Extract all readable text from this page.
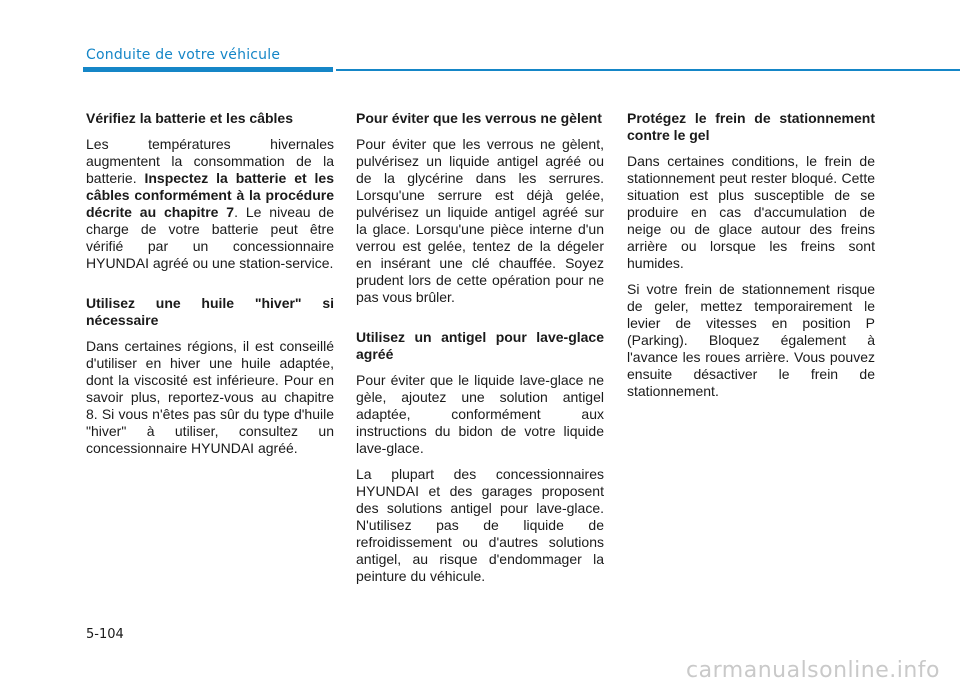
Conduite de votre véhicule
Vérifiez la batterie et les câbles
Les températures hivernales augmentent la consommation de la batterie. Inspectez la batterie et les câbles conformément à la procédure décrite au chapitre 7. Le niveau de charge de votre batterie peut être vérifié par un concessionnaire HYUNDAI agréé ou une station-service.
Utilisez une huile "hiver" si nécessaire
Dans certaines régions, il est conseillé d'utiliser en hiver une huile adaptée, dont la viscosité est inférieure. Pour en savoir plus, reportez-vous au chapitre 8. Si vous n'êtes pas sûr du type d'huile "hiver" à utiliser, consultez un concessionnaire HYUNDAI agréé.
Pour éviter que les verrous ne gèlent
Pour éviter que les verrous ne gèlent, pulvérisez un liquide antigel agréé ou de la glycérine dans les serrures. Lorsqu'une serrure est déjà gelée, pulvérisez un liquide antigel agréé sur la glace. Lorsqu'une pièce interne d'un verrou est gelée, tentez de la dégeler en insérant une clé chauffée. Soyez prudent lors de cette opération pour ne pas vous brûler.
Utilisez un antigel pour lave-glace agréé
Pour éviter que le liquide lave-glace ne gèle, ajoutez une solution antigel adaptée, conformément aux instructions du bidon de votre liquide lave-glace.
La plupart des concessionnaires HYUNDAI et des garages proposent des solutions antigel pour lave-glace. N'utilisez pas de liquide de refroidissement ou d'autres solutions antigel, au risque d'endommager la peinture du véhicule.
Protégez le frein de stationnement contre le gel
Dans certaines conditions, le frein de stationnement peut rester bloqué. Cette situation est plus susceptible de se produire en cas d'accumulation de neige ou de glace autour des freins arrière ou lorsque les freins sont humides.
Si votre frein de stationnement risque de geler, mettez temporairement le levier de vitesses en position P (Parking). Bloquez également à l'avance les roues arrière. Vous pouvez ensuite désactiver le frein de stationnement.
5-104
carmanualsonline.info
